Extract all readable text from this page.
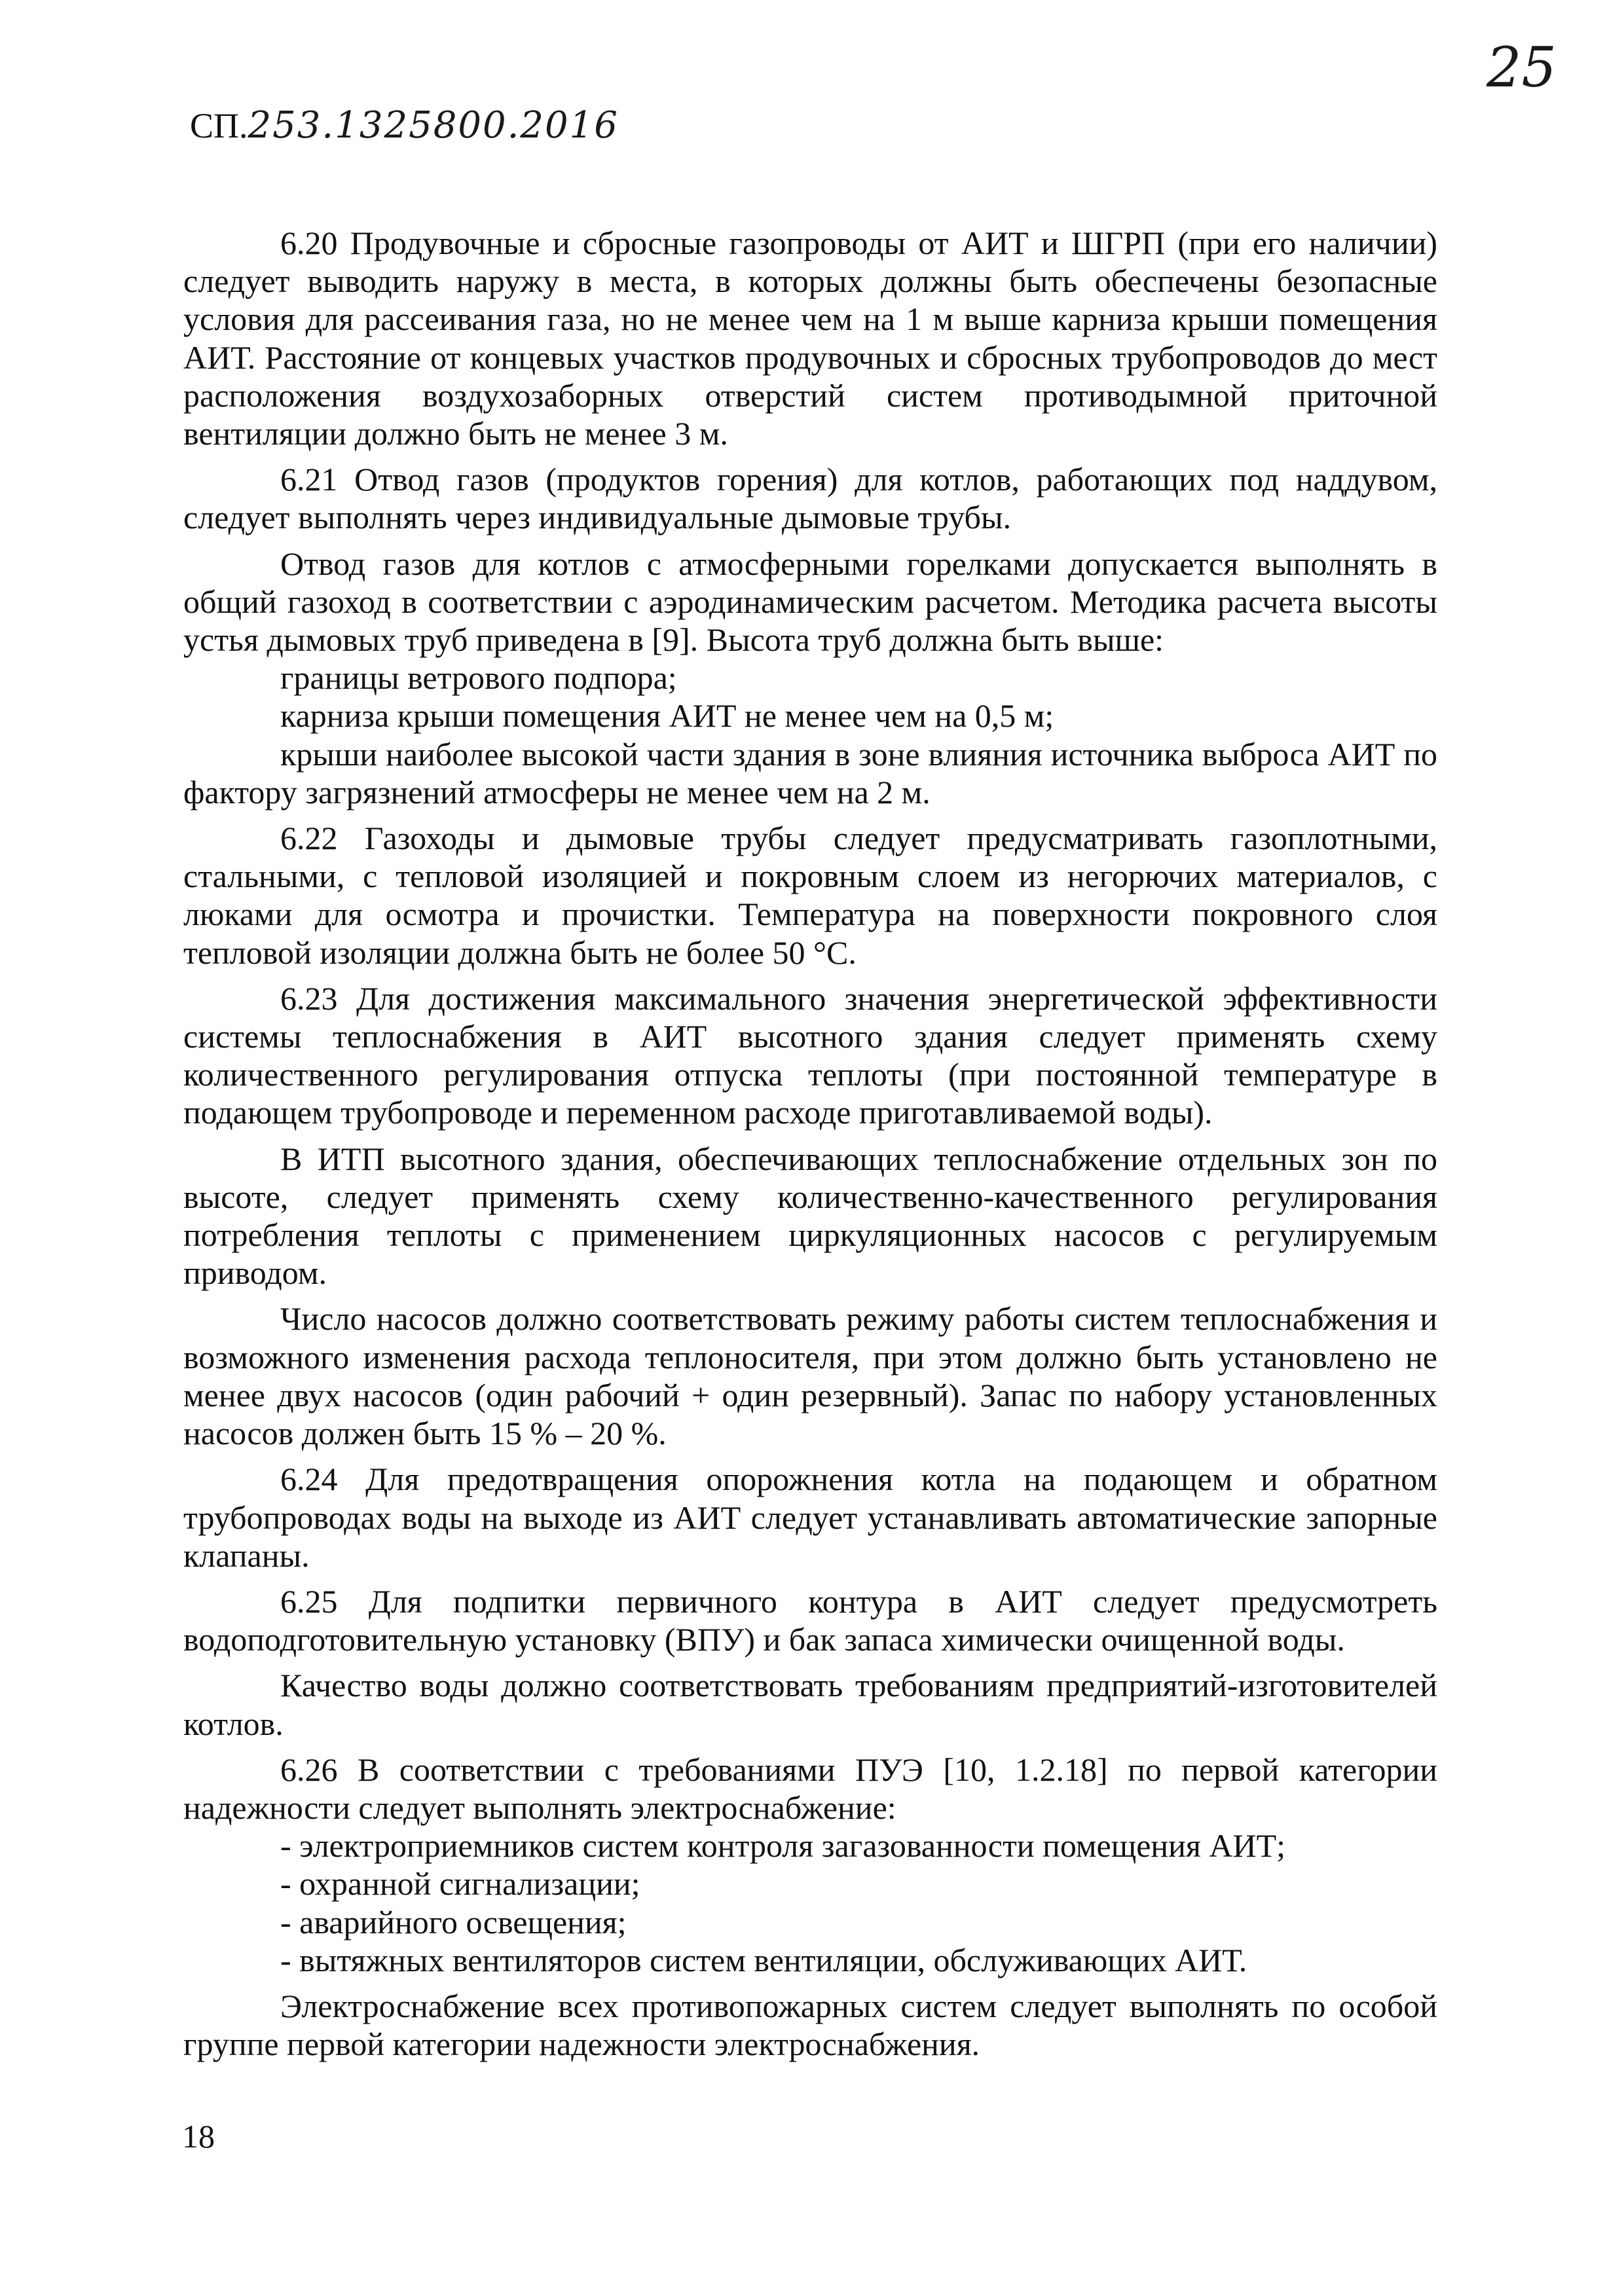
25
СП.253.1325800.2016

6.20 Продувочные и сбросные газопроводы от АИТ и ШГРП (при его наличии) следует выводить наружу в места, в которых должны быть обеспечены безопасные условия для рассеивания газа, но не менее чем на 1 м выше карниза крыши помещения АИТ. Расстояние от концевых участков продувочных и сбросных трубопроводов до мест расположения воздухозаборных отверстий систем противодымной приточной вентиляции должно быть не менее 3 м.

6.21 Отвод газов (продуктов горения) для котлов, работающих под наддувом, следует выполнять через индивидуальные дымовые трубы.

Отвод газов для котлов с атмосферными горелками допускается выполнять в общий газоход в соответствии с аэродинамическим расчетом. Методика расчета высоты устья дымовых труб приведена в [9]. Высота труб должна быть выше:

границы ветрового подпора;

карниза крыши помещения АИТ не менее чем на 0,5 м;

крыши наиболее высокой части здания в зоне влияния источника выброса АИТ по фактору загрязнений атмосферы не менее чем на 2 м.

6.22 Газоходы и дымовые трубы следует предусматривать газоплотными, стальными, с тепловой изоляцией и покровным слоем из негорючих материалов, с люками для осмотра и прочистки. Температура на поверхности покровного слоя тепловой изоляции должна быть не более 50 °С.

6.23 Для достижения максимального значения энергетической эффективности системы теплоснабжения в АИТ высотного здания следует применять схему количественного регулирования отпуска теплоты (при постоянной температуре в подающем трубопроводе и переменном расходе приготавливаемой воды).

В ИТП высотного здания, обеспечивающих теплоснабжение отдельных зон по высоте, следует применять схему количественно-качественного регулирования потребления теплоты с применением циркуляционных насосов с регулируемым приводом.

Число насосов должно соответствовать режиму работы систем теплоснабжения и возможного изменения расхода теплоносителя, при этом должно быть установлено не менее двух насосов (один рабочий + один резервный). Запас по набору установленных насосов должен быть 15 % – 20 %.

6.24 Для предотвращения опорожнения котла на подающем и обратном трубопроводах воды на выходе из АИТ следует устанавливать автоматические запорные клапаны.

6.25 Для подпитки первичного контура в АИТ следует предусмотреть водоподготовительную установку (ВПУ) и бак запаса химически очищенной воды.

Качество воды должно соответствовать требованиям предприятий-изготовителей котлов.

6.26 В соответствии с требованиями ПУЭ [10, 1.2.18] по первой категории надежности следует выполнять электроснабжение:

- электроприемников систем контроля загазованности помещения АИТ;

- охранной сигнализации;

- аварийного освещения;

- вытяжных вентиляторов систем вентиляции, обслуживающих АИТ.

Электроснабжение всех противопожарных систем следует выполнять по особой группе первой категории надежности электроснабжения.

18
